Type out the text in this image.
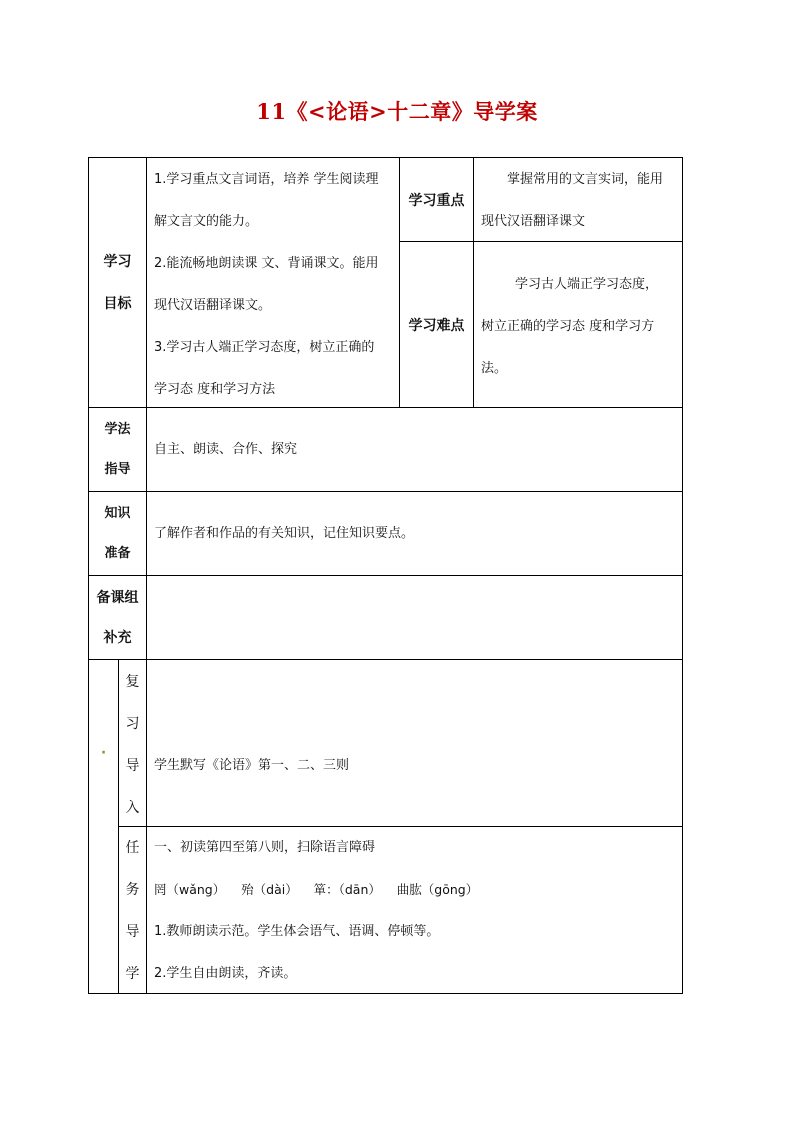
11《<论语>十二章》导学案
学习
目标
1.学习重点文言词语，培养 学生阅读理
解文言文的能力。
2.能流畅地朗读课 文、背诵课文。能用
现代汉语翻译课文。
3.学习古人端正学习态度，树立正确的
学习态 度和学习方法
学习重点
掌握常用的文言实词，能用
现代汉语翻译课文
学习难点
学习古人端正学习态度，
树立正确的学习态 度和学习方
法。
学法
指导
自主、朗读、合作、探究
知识
准备
了解作者和作品的有关知识，记住知识要点。
备课组
补充
·
复
习
导
入
学生默写《论语》第一、二、三则
任
务
导
学
一、初读第四至第八则，扫除语言障碍
罔（wǎng）    殆（dài）    箪：（dān）    曲肱（gōng）
1.教师朗读示范。学生体会语气、语调、停顿等。
2.学生自由朗读，齐读。
